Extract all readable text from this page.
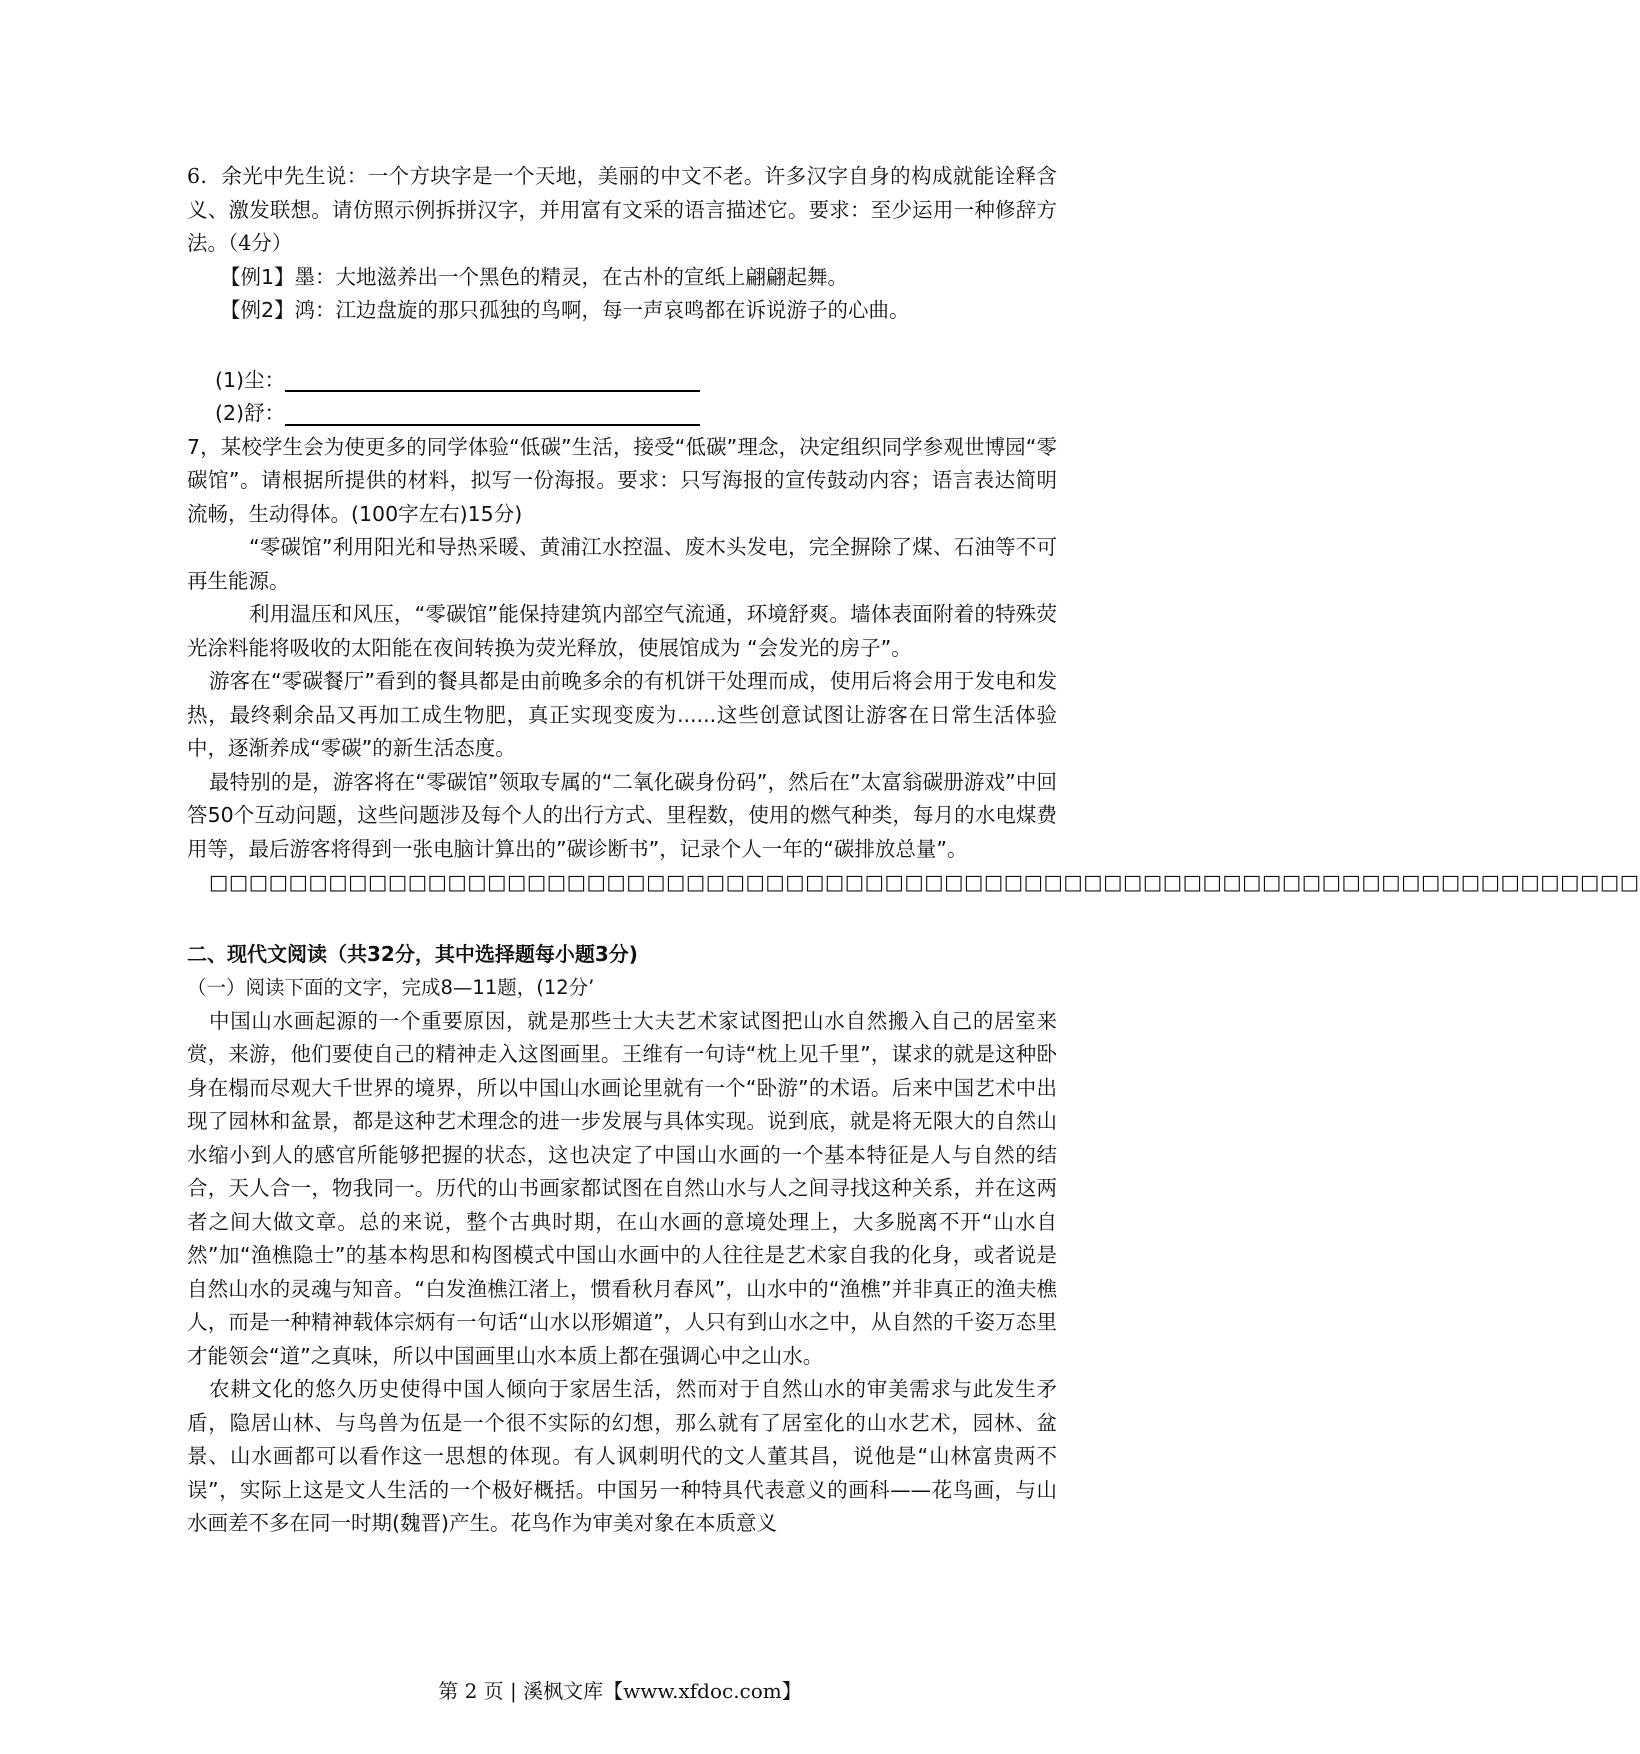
6．余光中先生说：一个方块字是一个天地，美丽的中文不老。许多汉字自身的构成就能诠释含义、激发联想。请仿照示例拆拼汉字，并用富有文采的语言描述它。要求：至少运用一种修辞方法。（4分）

【例1】墨：大地滋养出一个黑色的精灵，在古朴的宣纸上翩翩起舞。

【例2】鸿：江边盘旋的那只孤独的鸟啊，每一声哀鸣都在诉说游子的心曲。

(1)尘：
(2)舒：

7，某校学生会为使更多的同学体验“低碳”生活，接受“低碳”理念，决定组织同学参观世博园“零碳馆”。请根据所提供的材料，拟写一份海报。要求：只写海报的宣传鼓动内容；语言表达简明流畅，生动得体。(100字左右)15分)

“零碳馆”利用阳光和导热采暖、黄浦江水控温、废木头发电，完全摒除了煤、石油等不可再生能源。

利用温压和风压，“零碳馆”能保持建筑内部空气流通，环境舒爽。墙体表面附着的特殊荧光涂料能将吸收的太阳能在夜间转换为荧光释放，使展馆成为 “会发光的房子”。

游客在“零碳餐厅”看到的餐具都是由前晚多余的有机饼干处理而成，使用后将会用于发电和发热，最终剩余品又再加工成生物肥，真正实现变废为......这些创意试图让游客在日常生活体验中，逐渐养成“零碳”的新生活态度。

最特别的是，游客将在“零碳馆”领取专属的“二氧化碳身份码”，然后在”太富翁碳册游戏”中回答50个互动问题，这些问题涉及每个人的出行方式、里程数，使用的燃气种类，每月的水电煤费用等，最后游客将得到一张电脑计算出的”碳诊断书”，记录个人一年的“碳排放总量”。

□□□□□□□□□□□□□□□□□□□□□□□□□□□□□□□□□□□□□□□□□□□□□□□□□□□□□□□□□□□□□□□□□□□□□□□□

二、现代文阅读（共32分，其中选择题每小题3分)

（一）阅读下面的文字，完成8—11题，(12分’

中国山水画起源的一个重要原因，就是那些士大夫艺术家试图把山水自然搬入自己的居室来赏，来游，他们要使自己的精神走入这图画里。王维有一句诗“枕上见千里”，谋求的就是这种卧身在榻而尽观大千世界的境界，所以中国山水画论里就有一个“卧游”的术语。后来中国艺术中出现了园林和盆景，都是这种艺术理念的进一步发展与具体实现。说到底，就是将无限大的自然山水缩小到人的感官所能够把握的状态，这也决定了中国山水画的一个基本特征是人与自然的结合，天人合一，物我同一。历代的山书画家都试图在自然山水与人之间寻找这种关系，并在这两者之间大做文章。总的来说，整个古典时期，在山水画的意境处理上，大多脱离不开“山水自然”加“渔樵隐士”的基本构思和构图模式中国山水画中的人往往是艺术家自我的化身，或者说是自然山水的灵魂与知音。“白发渔樵江渚上，惯看秋月春风”，山水中的“渔樵”并非真正的渔夫樵人，而是一种精神载体宗炳有一句话“山水以形媚道”，人只有到山水之中，从自然的千姿万态里才能领会“道”之真味，所以中国画里山水本质上都在强调心中之山水。

农耕文化的悠久历史使得中国人倾向于家居生活，然而对于自然山水的审美需求与此发生矛盾，隐居山林、与鸟兽为伍是一个很不实际的幻想，那么就有了居室化的山水艺术，园林、盆景、山水画都可以看作这一思想的体现。有人讽刺明代的文人董其昌，说他是“山林富贵两不误”，实际上这是文人生活的一个极好概括。中国另一种特具代表意义的画科——花鸟画，与山水画差不多在同一时期(魏晋)产生。花鸟作为审美对象在本质意义

第 2 页 | 溪枫文库【www.xfdoc.com】
